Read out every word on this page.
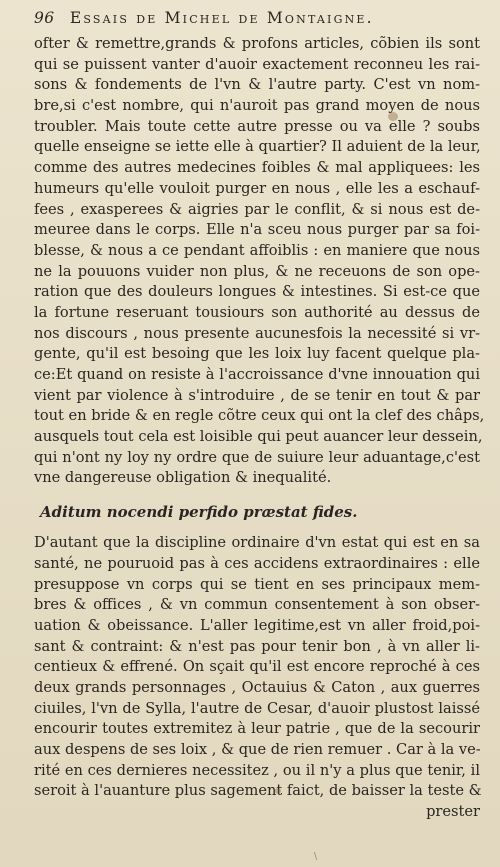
96 Essais de Michel de Montaigne.
ofter & remettre,grands & profons articles, cõbien ils sont
qui se puissent vanter d'auoir exactement reconneu les rai-
sons & fondements de l'vn & l'autre party. C'est vn nom-
bre,si c'est nombre, qui n'auroit pas grand moyen de nous
troubler. Mais toute cette autre presse ou va elle ? soubs
quelle enseigne se iette elle à quartier? Il aduient de la leur,
comme des autres medecines foibles & mal appliquees: les
humeurs qu'elle vouloit purger en nous , elle les a eschauf-
fees , exasperees & aigries par le conflit, & si nous est de-
meuree dans le corps. Elle n'a sceu nous purger par sa foi-
blesse, & nous a ce pendant affoiblis : en maniere que nous
ne la pouuons vuider non plus, & ne receuons de son ope-
ration que des douleurs longues & intestines. Si est-ce que
la fortune reseruant tousiours son authorité au dessus de
nos discours , nous presente aucunesfois la necessité si vr-
gente, qu'il est besoing que les loix luy facent quelque pla-
ce:Et quand on resiste à l'accroissance d'vne innouation qui
vient par violence à s'introduire , de se tenir en tout & par
tout en bride & en regle cõtre ceux qui ont la clef des châps,
ausquels tout cela est loisible qui peut auancer leur dessein,
qui n'ont ny loy ny ordre que de suiure leur aduantage,c'est
vne dangereuse obligation & inequalité.
Aditum nocendi perfido præstat fides.
D'autant que la discipline ordinaire d'vn estat qui est en sa
santé, ne pouruoid pas à ces accidens extraordinaires : elle
presuppose vn corps qui se tient en ses principaux mem-
bres & offices , & vn commun consentement à son obser-
uation & obeissance. L'aller legitime,est vn aller froid,poi-
sant & contraint: & n'est pas pour tenir bon , à vn aller li-
centieux & effrené. On sçait qu'il est encore reproché à ces
deux grands personnages , Octauius & Caton , aux guerres
ciuiles, l'vn de Sylla, l'autre de Cesar, d'auoir plustost laissé
encourir toutes extremitez à leur patrie , que de la secourir
aux despens de ses loix , & que de rien remuer . Car à la ve-
rité en ces dernieres necessitez , ou il n'y a plus que tenir, il
seroit à l'auanture plus sagement faict, de baisser la teste &
prester
\
